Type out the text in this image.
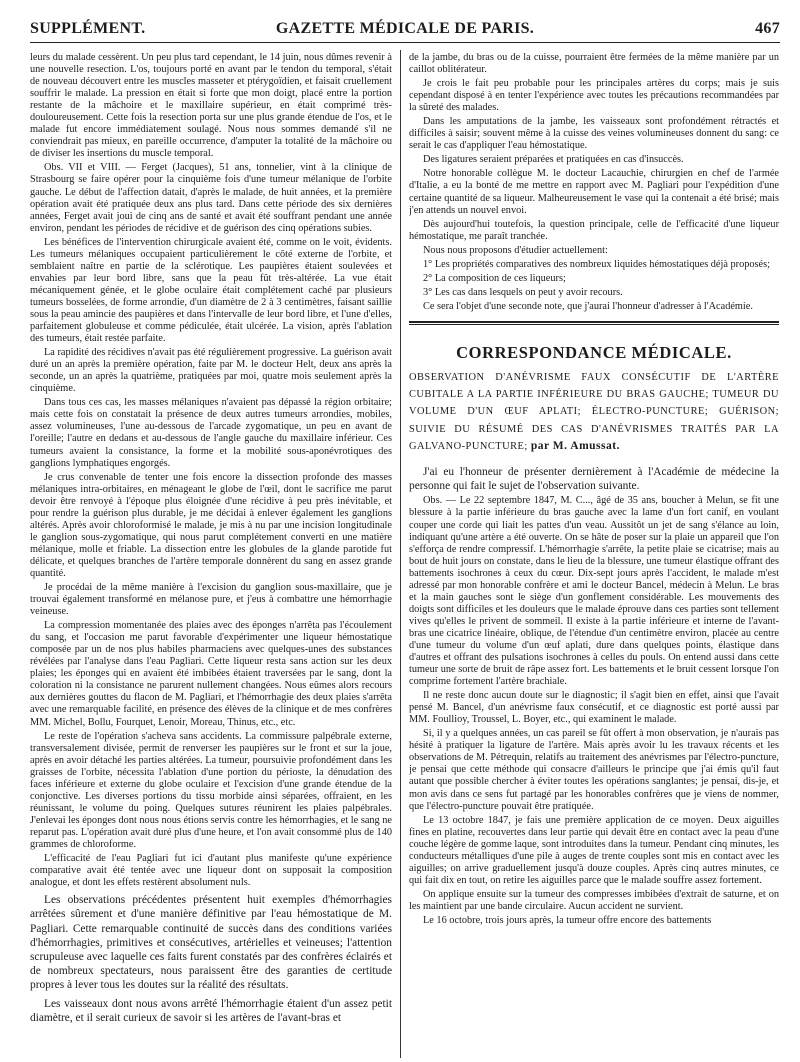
SUPPLÉMENT.	GAZETTE MÉDICALE DE PARIS.	467

leurs du malade cessèrent. Un peu plus tard cependant, le 14 juin, nous dûmes revenir à une nouvelle resection. L'os, toujours porté en avant par le tendon du temporal, s'était de nouveau découvert entre les muscles masseter et ptérygoïdien, et faisait cruellement souffrir le malade. La pression en était si forte que mon doigt, placé entre la portion restante de la mâchoire et le maxillaire supérieur, en était comprimé très-douloureusement. Cette fois la resection porta sur une plus grande étendue de l'os, et le malade fut encore immédiatement soulagé. Nous nous sommes demandé s'il ne conviendrait pas mieux, en pareille occurrence, d'amputer la totalité de la mâchoire ou de diviser les insertions du muscle temporal.

Obs. VII et VIII. — Ferget (Jacques), 51 ans, tonnelier, vint à la clinique de Strasbourg se faire opérer pour la cinquième fois d'une tumeur mélanique de l'orbite gauche. Le début de l'affection datait, d'après le malade, de huit années, et la première opération avait été pratiquée deux ans plus tard. Dans cette période des six dernières années, Ferget avait joui de cinq ans de santé et avait été souffrant pendant une année environ, pendant les périodes de récidive et de guérison des cinq opérations subies.

Les bénéfices de l'intervention chirurgicale avaient été, comme on le voit, évidents. Les tumeurs mélaniques occupaient particulièrement le côté externe de l'orbite, et semblaient naître en partie de la sclérotique. Les paupières étaient soulevées et envahies par leur bord libre, sans que la peau fût très-altérée. La vue était mécaniquement génée, et le globe oculaire était complétement caché par plusieurs tumeurs bosselées, de forme arrondie, d'un diamètre de 2 à 3 centimètres, faisant saillie sous la peau amincie des paupières et dans l'intervalle de leur bord libre, et l'une d'elles, parfaitement globuleuse et comme pédiculée, était ulcérée. La vision, après l'ablation des tumeurs, était restée parfaite.

La rapidité des récidives n'avait pas été régulièrement progressive. La guérison avait duré un an après la première opération, faite par M. le docteur Helt, deux ans après la seconde, un an après la quatrième, pratiquées par moi, quatre mois seulement après la cinquième.

Dans tous ces cas, les masses mélaniques n'avaient pas dépassé la région orbitaire; mais cette fois on constatait la présence de deux autres tumeurs arrondies, mobiles, assez volumineuses, l'une au-dessous de l'arcade zygomatique, un peu en avant de l'oreille; l'autre en dedans et au-dessous de l'angle gauche du maxillaire inférieur. Ces tumeurs avaient la consistance, la forme et la mobilité sous-aponévrotiques des ganglions lymphatiques engorgés.

Je crus convenable de tenter une fois encore la dissection profonde des masses mélaniques intra-orbitaires, en ménageant le globe de l'œil, dont le sacrifice me parut devoir être renvoyé à l'époque plus éloignée d'une récidive à peu près inévitable, et pour rendre la guérison plus durable, je me décidai à enlever également les ganglions altérés. Après avoir chloroformisé le malade, je mis à nu par une incision longitudinale le ganglion sous-zygomatique, qui nous parut complétement converti en une matière mélanique, molle et friable. La dissection entre les globules de la glande parotide fut délicate, et quelques branches de l'artère temporale donnèrent du sang en assez grande quantité.

Je procédai de la même manière à l'excision du ganglion sous-maxillaire, que je trouvai également transformé en mélanose pure, et j'eus à combattre une hémorrhagie veineuse.

La compression momentanée des plaies avec des éponges n'arrêta pas l'écoulement du sang, et l'occasion me parut favorable d'expérimenter une liqueur hémostatique composée par un de nos plus habiles pharmaciens avec quelques-unes des substances révélées par l'analyse dans l'eau Pagliari. Cette liqueur resta sans action sur les deux plaies; les éponges qui en avaient été imbibées étaient traversées par le sang, dont la coloration ni la consistance ne parurent nullement changées. Nous eûmes alors recours aux dernières gouttes du flacon de M. Pagliari, et l'hémorrhagie des deux plaies s'arrêta avec une remarquable facilité, en présence des élèves de la clinique et de mes confrères MM. Michel, Bollu, Fourquet, Lenoir, Moreau, Thinus, etc., etc.

Le reste de l'opération s'acheva sans accidents. La commissure palpébrale externe, transversalement divisée, permit de renverser les paupières sur le front et sur la joue, après en avoir détaché les parties altérées. La tumeur, poursuivie profondément dans les graisses de l'orbite, nécessita l'ablation d'une portion du périoste, la dénudation des faces inférieure et externe du globe oculaire et l'excision d'une grande étendue de la conjonctive. Les diverses portions du tissu morbide ainsi séparées, offraient, en les réunissant, le volume du poing. Quelques sutures réunirent les plaies palpébrales. J'enlevai les éponges dont nous nous étions servis contre les hémorrhagies, et le sang ne reparut pas. L'opération avait duré plus d'une heure, et l'on avait consommé plus de 140 grammes de chloroforme.

L'efficacité de l'eau Pagliari fut ici d'autant plus manifeste qu'une expérience comparative avait été tentée avec une liqueur dont on supposait la composition analogue, et dont les effets restèrent absolument nuls.

Les observations précédentes présentent huit exemples d'hémorrhagies arrêtées sûrement et d'une manière définitive par l'eau hémostatique de M. Pagliari. Cette remarquable continuité de succès dans des conditions variées d'hémorrhagies, primitives et consécutives, artérielles et veineuses; l'attention scrupuleuse avec laquelle ces faits furent constatés par des confrères éclairés et de nombreux spectateurs, nous paraissent être des garanties de certitude propres à lever tous les doutes sur la réalité des résultats.

Les vaisseaux dont nous avons arrêté l'hémorrhagie étaient d'un assez petit diamètre, et il serait curieux de savoir si les artères de l'avant-bras et

de la jambe, du bras ou de la cuisse, pourraient être fermées de la même manière par un caillot oblitérateur.

Je crois le fait peu probable pour les principales artères du corps; mais je suis cependant disposé à en tenter l'expérience avec toutes les précautions recommandées par la sûreté des malades.

Dans les amputations de la jambe, les vaisseaux sont profondément rétractés et difficiles à saisir; souvent même à la cuisse des veines volumineuses donnent du sang: ce serait le cas d'appliquer l'eau hémostatique.

Des ligatures seraient préparées et pratiquées en cas d'insuccès.

Notre honorable collègue M. le docteur Lacauchie, chirurgien en chef de l'armée d'Italie, a eu la bonté de me mettre en rapport avec M. Pagliari pour l'expédition d'une certaine quantité de sa liqueur. Malheureusement le vase qui la contenait a été brisé; mais j'en attends un nouvel envoi.

Dès aujourd'hui toutefois, la question principale, celle de l'efficacité d'une liqueur hémostatique, me paraît tranchée.

Nous nous proposons d'étudier actuellement:

1° Les propriétés comparatives des nombreux liquides hémostatiques déjà proposés;

2° La composition de ces liqueurs;

3° Les cas dans lesquels on peut y avoir recours.

Ce sera l'objet d'une seconde note, que j'aurai l'honneur d'adresser à l'Académie.

CORRESPONDANCE MÉDICALE.
OBSERVATION D'ANÉVRISME FAUX CONSÉCUTIF DE L'ARTÈRE CUBITALE A LA PARTIE INFÉRIEURE DU BRAS GAUCHE; TUMEUR DU VOLUME D'UN ŒUF APLATI; ÉLECTRO-PUNCTURE; GUÉRISON; SUIVIE DU RÉSUMÉ DES CAS D'ANÉVRISMES TRAITÉS PAR LA GALVANO-PUNCTURE; par M. Amussat.

J'ai eu l'honneur de présenter dernièrement à l'Académie de médecine la personne qui fait le sujet de l'observation suivante.

Obs. — Le 22 septembre 1847, M. C..., âgé de 35 ans, boucher à Melun, se fit une blessure à la partie inférieure du bras gauche avec la lame d'un fort canif, en voulant couper une corde qui liait les pattes d'un veau. Aussitôt un jet de sang s'élance au loin, indiquant qu'une artère a été ouverte. On se hâte de poser sur la plaie un appareil que l'on s'efforça de rendre compressif. L'hémorrhagie s'arrête, la petite plaie se cicatrise; mais au bout de huit jours on constate, dans le lieu de la blessure, une tumeur élastique offrant des battements isochrones à ceux du cœur. Dix-sept jours après l'accident, le malade m'est adressé par mon honorable confrère et ami le docteur Bancel, médecin à Melun. Le bras et la main gauches sont le siège d'un gonflement considérable. Les mouvements des doigts sont difficiles et les douleurs que le malade éprouve dans ces parties sont tellement vives qu'elles le privent de sommeil. Il existe à la partie inférieure et interne de l'avant-bras une cicatrice linéaire, oblique, de l'étendue d'un centimètre environ, placée au centre d'une tumeur du volume d'un œuf aplati, dure dans quelques points, élastique dans d'autres et offrant des pulsations isochrones à celles du pouls. On entend aussi dans cette tumeur une sorte de bruit de râpe assez fort. Les battements et le bruit cessent lorsque l'on comprime fortement l'artère brachiale.

Il ne reste donc aucun doute sur le diagnostic; il s'agit bien en effet, ainsi que l'avait pensé M. Bancel, d'un anévrisme faux consécutif, et ce diagnostic est porté aussi par MM. Foullioy, Troussel, L. Boyer, etc., qui examinent le malade.

Si, il y a quelques années, un cas pareil se fût offert à mon observation, je n'aurais pas hésité à pratiquer la ligature de l'artère. Mais après avoir lu les travaux récents et les observations de M. Pétrequin, relatifs au traitement des anévrismes par l'électro-puncture, je pensai que cette méthode qui consacre d'ailleurs le principe que j'ai émis qu'il faut autant que possible chercher à éviter toutes les opérations sanglantes; je pensai, dis-je, et mon avis dans ce sens fut partagé par les honorables confrères que je viens de nommer, que l'électro-puncture pouvait être pratiquée.

Le 13 octobre 1847, je fais une première application de ce moyen. Deux aiguilles fines en platine, recouvertes dans leur partie qui devait être en contact avec la peau d'une couche légère de gomme laque, sont introduites dans la tumeur. Pendant cinq minutes, les conducteurs métalliques d'une pile à auges de trente couples sont mis en contact avec les aiguilles; on arrive graduellement jusqu'à douze couples. Après cinq autres minutes, ce qui fait dix en tout, on retire les aiguilles parce que le malade souffre assez fortement.

On applique ensuite sur la tumeur des compresses imbibées d'extrait de saturne, et on les maintient par une bande circulaire. Aucun accident ne survient.

Le 16 octobre, trois jours après, la tumeur offre encore des battements
